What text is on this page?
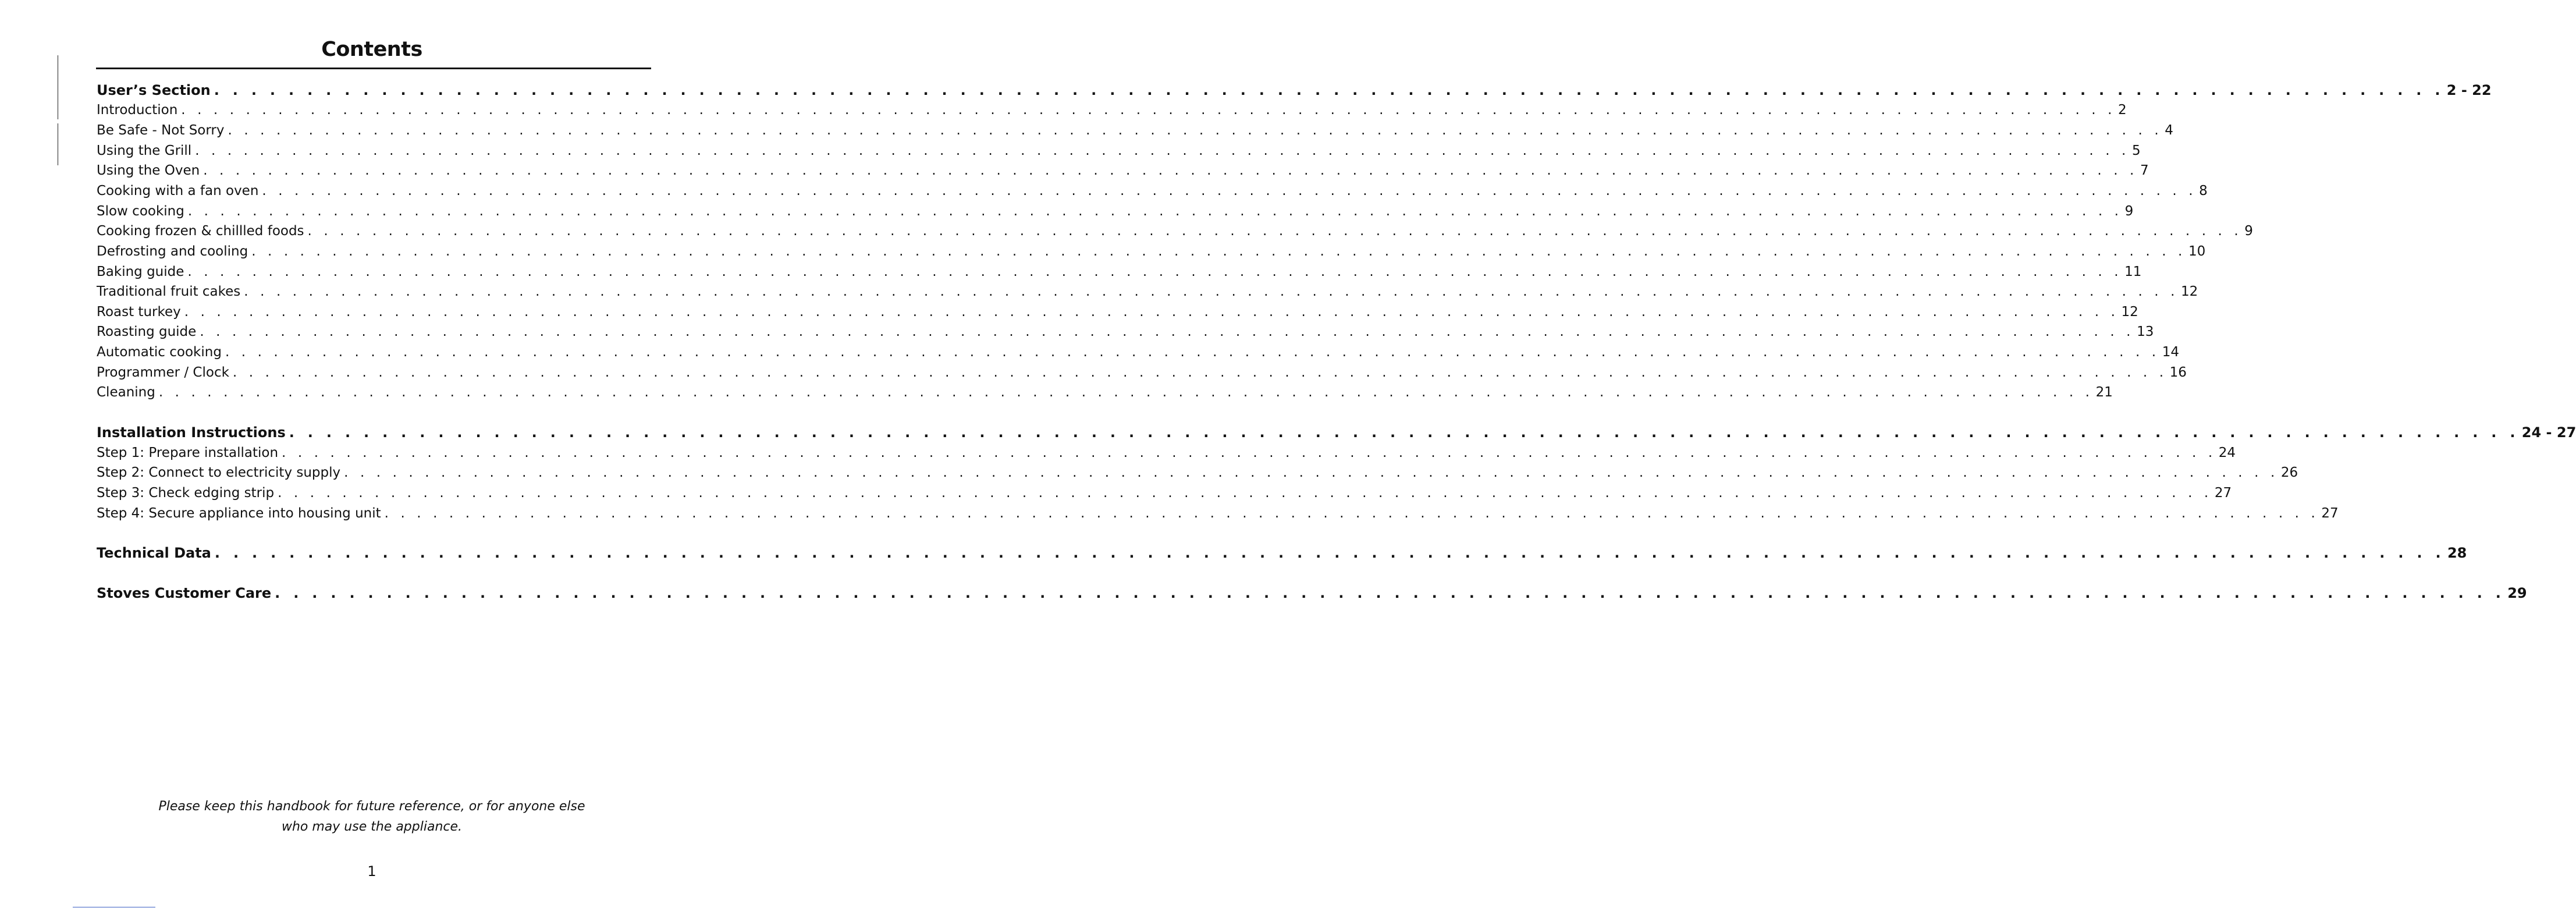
Contents
User’s Section . . . . . . . . . . . . . . . . . . . . . . . . . . . . . . . . . . . . . . . . . . . . . . . . . . . . . . . . . . . . . . . . . . . . . . . . . . . . . . . . . . . . . . . . . . . . . . . . . . . . . . . . . . . . . . . . . . . . . . . . 2 - 22
Introduction . . . . . . . . . . . . . . . . . . . . . . . . . . . . . . . . . . . . . . . . . . . . . . . . . . . . . . . . . . . . . . . . . . . . . . . . . . . . . . . . . . . . . . . . . . . . . . . . . . . . . . . . . . . . . . . . . . . . . . . . 2
Be Safe - Not Sorry . . . . . . . . . . . . . . . . . . . . . . . . . . . . . . . . . . . . . . . . . . . . . . . . . . . . . . . . . . . . . . . . . . . . . . . . . . . . . . . . . . . . . . . . . . . . . . . . . . . . . . . . . . . . . . . . . . . . . . . . 4
Using the Grill . . . . . . . . . . . . . . . . . . . . . . . . . . . . . . . . . . . . . . . . . . . . . . . . . . . . . . . . . . . . . . . . . . . . . . . . . . . . . . . . . . . . . . . . . . . . . . . . . . . . . . . . . . . . . . . . . . . . . . . . 5
Using the Oven . . . . . . . . . . . . . . . . . . . . . . . . . . . . . . . . . . . . . . . . . . . . . . . . . . . . . . . . . . . . . . . . . . . . . . . . . . . . . . . . . . . . . . . . . . . . . . . . . . . . . . . . . . . . . . . . . . . . . . . . 7
Cooking with a fan oven . . . . . . . . . . . . . . . . . . . . . . . . . . . . . . . . . . . . . . . . . . . . . . . . . . . . . . . . . . . . . . . . . . . . . . . . . . . . . . . . . . . . . . . . . . . . . . . . . . . . . . . . . . . . . . . . . . . . . . . . 8
Slow cooking . . . . . . . . . . . . . . . . . . . . . . . . . . . . . . . . . . . . . . . . . . . . . . . . . . . . . . . . . . . . . . . . . . . . . . . . . . . . . . . . . . . . . . . . . . . . . . . . . . . . . . . . . . . . . . . . . . . . . . . . 9
Cooking frozen & chillled foods . . . . . . . . . . . . . . . . . . . . . . . . . . . . . . . . . . . . . . . . . . . . . . . . . . . . . . . . . . . . . . . . . . . . . . . . . . . . . . . . . . . . . . . . . . . . . . . . . . . . . . . . . . . . . . . . . . . . . . . . 9
Defrosting and cooling . . . . . . . . . . . . . . . . . . . . . . . . . . . . . . . . . . . . . . . . . . . . . . . . . . . . . . . . . . . . . . . . . . . . . . . . . . . . . . . . . . . . . . . . . . . . . . . . . . . . . . . . . . . . . . . . . . . . . . . . 10
Baking guide . . . . . . . . . . . . . . . . . . . . . . . . . . . . . . . . . . . . . . . . . . . . . . . . . . . . . . . . . . . . . . . . . . . . . . . . . . . . . . . . . . . . . . . . . . . . . . . . . . . . . . . . . . . . . . . . . . . . . . . . 11
Traditional fruit cakes . . . . . . . . . . . . . . . . . . . . . . . . . . . . . . . . . . . . . . . . . . . . . . . . . . . . . . . . . . . . . . . . . . . . . . . . . . . . . . . . . . . . . . . . . . . . . . . . . . . . . . . . . . . . . . . . . . . . . . . . 12
Roast turkey . . . . . . . . . . . . . . . . . . . . . . . . . . . . . . . . . . . . . . . . . . . . . . . . . . . . . . . . . . . . . . . . . . . . . . . . . . . . . . . . . . . . . . . . . . . . . . . . . . . . . . . . . . . . . . . . . . . . . . . . 12
Roasting guide . . . . . . . . . . . . . . . . . . . . . . . . . . . . . . . . . . . . . . . . . . . . . . . . . . . . . . . . . . . . . . . . . . . . . . . . . . . . . . . . . . . . . . . . . . . . . . . . . . . . . . . . . . . . . . . . . . . . . . . . 13
Automatic cooking . . . . . . . . . . . . . . . . . . . . . . . . . . . . . . . . . . . . . . . . . . . . . . . . . . . . . . . . . . . . . . . . . . . . . . . . . . . . . . . . . . . . . . . . . . . . . . . . . . . . . . . . . . . . . . . . . . . . . . . . 14
Programmer / Clock . . . . . . . . . . . . . . . . . . . . . . . . . . . . . . . . . . . . . . . . . . . . . . . . . . . . . . . . . . . . . . . . . . . . . . . . . . . . . . . . . . . . . . . . . . . . . . . . . . . . . . . . . . . . . . . . . . . . . . . . 16
Cleaning . . . . . . . . . . . . . . . . . . . . . . . . . . . . . . . . . . . . . . . . . . . . . . . . . . . . . . . . . . . . . . . . . . . . . . . . . . . . . . . . . . . . . . . . . . . . . . . . . . . . . . . . . . . . . . . . . . . . . . . . 21
Installation Instructions . . . . . . . . . . . . . . . . . . . . . . . . . . . . . . . . . . . . . . . . . . . . . . . . . . . . . . . . . . . . . . . . . . . . . . . . . . . . . . . . . . . . . . . . . . . . . . . . . . . . . . . . . . . . . . . . . . . . . . . . 24 - 27
Step 1: Prepare installation . . . . . . . . . . . . . . . . . . . . . . . . . . . . . . . . . . . . . . . . . . . . . . . . . . . . . . . . . . . . . . . . . . . . . . . . . . . . . . . . . . . . . . . . . . . . . . . . . . . . . . . . . . . . . . . . . . . . . . . . 24
Step 2: Connect to electricity supply . . . . . . . . . . . . . . . . . . . . . . . . . . . . . . . . . . . . . . . . . . . . . . . . . . . . . . . . . . . . . . . . . . . . . . . . . . . . . . . . . . . . . . . . . . . . . . . . . . . . . . . . . . . . . . . . . . . . . . . . 26
Step 3: Check edging strip . . . . . . . . . . . . . . . . . . . . . . . . . . . . . . . . . . . . . . . . . . . . . . . . . . . . . . . . . . . . . . . . . . . . . . . . . . . . . . . . . . . . . . . . . . . . . . . . . . . . . . . . . . . . . . . . . . . . . . . . 27
Step 4: Secure appliance into housing unit . . . . . . . . . . . . . . . . . . . . . . . . . . . . . . . . . . . . . . . . . . . . . . . . . . . . . . . . . . . . . . . . . . . . . . . . . . . . . . . . . . . . . . . . . . . . . . . . . . . . . . . . . . . . . . . . . . . . . . . . 27
Technical Data . . . . . . . . . . . . . . . . . . . . . . . . . . . . . . . . . . . . . . . . . . . . . . . . . . . . . . . . . . . . . . . . . . . . . . . . . . . . . . . . . . . . . . . . . . . . . . . . . . . . . . . . . . . . . . . . . . . . . . . . 28
Stoves Customer Care . . . . . . . . . . . . . . . . . . . . . . . . . . . . . . . . . . . . . . . . . . . . . . . . . . . . . . . . . . . . . . . . . . . . . . . . . . . . . . . . . . . . . . . . . . . . . . . . . . . . . . . . . . . . . . . . . . . . . . . . 29

Please keep this handbook for future reference, or for anyone else
who may use the appliance.

1
